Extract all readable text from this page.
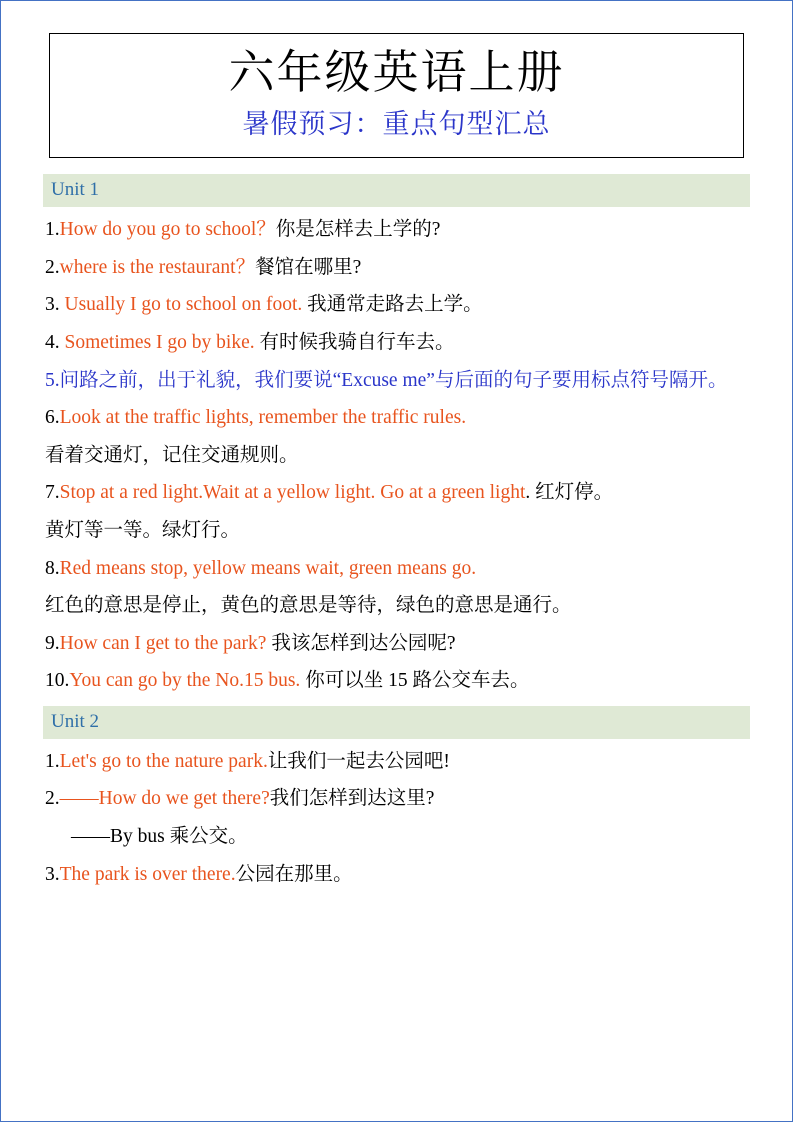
六年级英语上册
暑假预习：重点句型汇总
Unit 1
1.How do you go to school？你是怎样去上学的?
2.where is the restaurant？餐馆在哪里?
3. Usually I go to school on foot. 我通常走路去上学。
4. Sometimes I go by bike. 有时候我骑自行车去。
5.问路之前，出于礼貌，我们要说“Excuse me”与后面的句子要用标点符号隔开。
6.Look at the traffic lights, remember the traffic rules.
看着交通灯，记住交通规则。
7.Stop at a red light.Wait at a yellow light. Go at a green light. 红灯停。
黄灯等一等。绿灯行。
8.Red means stop, yellow means wait, green means go.
红色的意思是停止，黄色的意思是等待，绿色的意思是通行。
9.How can I get to the park? 我该怎样到达公园呢?
10.You can go by the No.15 bus. 你可以坐 15 路公交车去。
Unit 2
1.Let's go to the nature park.让我们一起去公园吧!
2.——How do we get there?我们怎样到达这里?
——By bus 乘公交。
3.The park is over there.公园在那里。
